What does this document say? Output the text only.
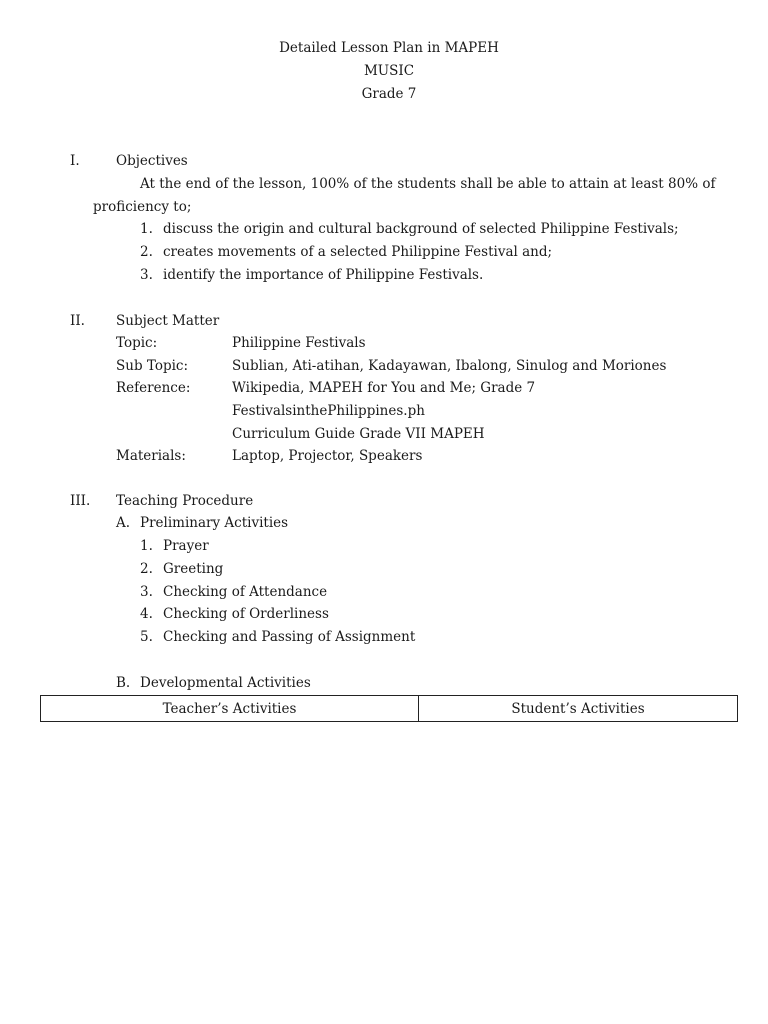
Detailed Lesson Plan in MAPEH
MUSIC
Grade 7
I.	Objectives
At the end of the lesson, 100% of the students shall be able to attain at least 80% of
proficiency to;
1. discuss the origin and cultural background of selected Philippine Festivals;
2. creates movements of a selected Philippine Festival and;
3. identify the importance of Philippine Festivals.
II. Subject Matter
Topic:	Philippine Festivals
Sub Topic:	Sublian, Ati-atihan, Kadayawan, Ibalong, Sinulog and Moriones
Reference:	Wikipedia, MAPEH for You and Me; Grade 7
FestivalsinthePhilippines.ph
Curriculum Guide Grade VII MAPEH
Materials:	Laptop, Projector, Speakers
III. Teaching Procedure
A. Preliminary Activities
1. Prayer
2. Greeting
3. Checking of Attendance
4. Checking of Orderliness
5. Checking and Passing of Assignment
B. Developmental Activities
Teacher’s Activities	Student’s Activities
